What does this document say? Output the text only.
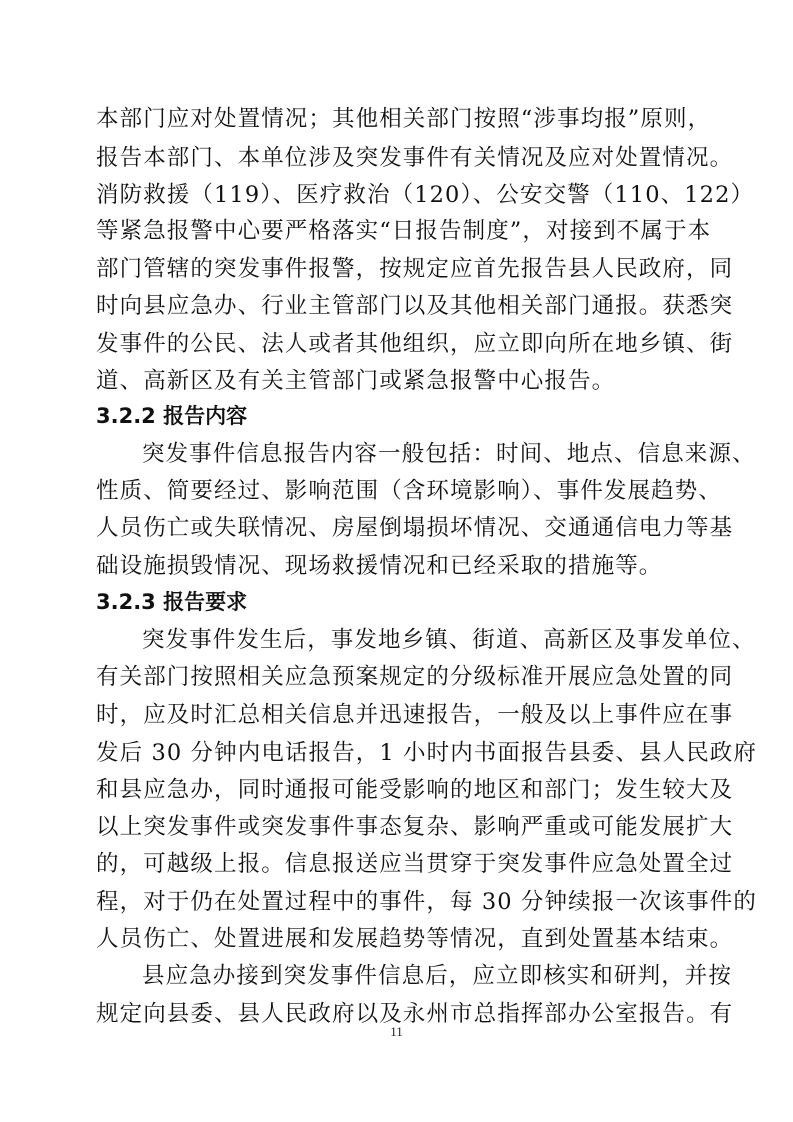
本部门应对处置情况；其他相关部门按照“涉事均报”原则，
报告本部门、本单位涉及突发事件有关情况及应对处置情况。
消防救援（119）、医疗救治（120）、公安交警（110、122）
等紧急报警中心要严格落实“日报告制度”，对接到不属于本
部门管辖的突发事件报警，按规定应首先报告县人民政府，同
时向县应急办、行业主管部门以及其他相关部门通报。获悉突
发事件的公民、法人或者其他组织，应立即向所在地乡镇、街
道、高新区及有关主管部门或紧急报警中心报告。
3.2.2 报告内容
突发事件信息报告内容一般包括：时间、地点、信息来源、
性质、简要经过、影响范围（含环境影响）、事件发展趋势、
人员伤亡或失联情况、房屋倒塌损坏情况、交通通信电力等基
础设施损毁情况、现场救援情况和已经采取的措施等。
3.2.3 报告要求
突发事件发生后，事发地乡镇、街道、高新区及事发单位、
有关部门按照相关应急预案规定的分级标准开展应急处置的同
时，应及时汇总相关信息并迅速报告，一般及以上事件应在事
发后 30 分钟内电话报告，1 小时内书面报告县委、县人民政府
和县应急办，同时通报可能受影响的地区和部门；发生较大及
以上突发事件或突发事件事态复杂、影响严重或可能发展扩大
的，可越级上报。信息报送应当贯穿于突发事件应急处置全过
程，对于仍在处置过程中的事件，每 30 分钟续报一次该事件的
人员伤亡、处置进展和发展趋势等情况，直到处置基本结束。
县应急办接到突发事件信息后，应立即核实和研判，并按
规定向县委、县人民政府以及永州市总指挥部办公室报告。有
11
